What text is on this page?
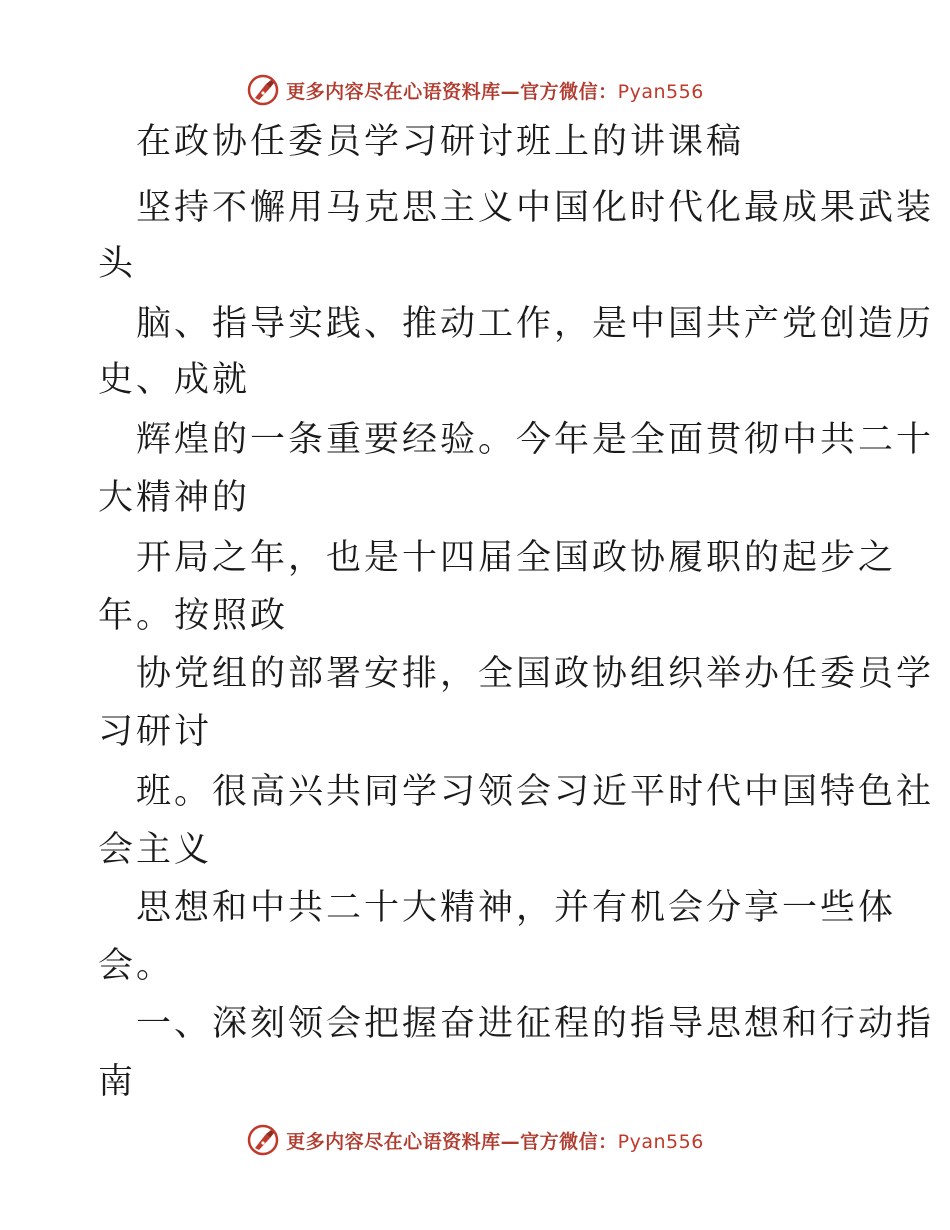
更多内容尽在心语资料库—官方微信：Pyan556
在政协任委员学习研讨班上的讲课稿
坚持不懈用马克思主义中国化时代化最成果武装
头
脑、指导实践、推动工作，是中国共产党创造历
史、成就
辉煌的一条重要经验。今年是全面贯彻中共二十
大精神的
开局之年，也是十四届全国政协履职的起步之
年。按照政
协党组的部署安排，全国政协组织举办任委员学
习研讨
班。很高兴共同学习领会习近平时代中国特色社
会主义
思想和中共二十大精神，并有机会分享一些体
会。
一、深刻领会把握奋进征程的指导思想和行动指
南
更多内容尽在心语资料库—官方微信：Pyan556
